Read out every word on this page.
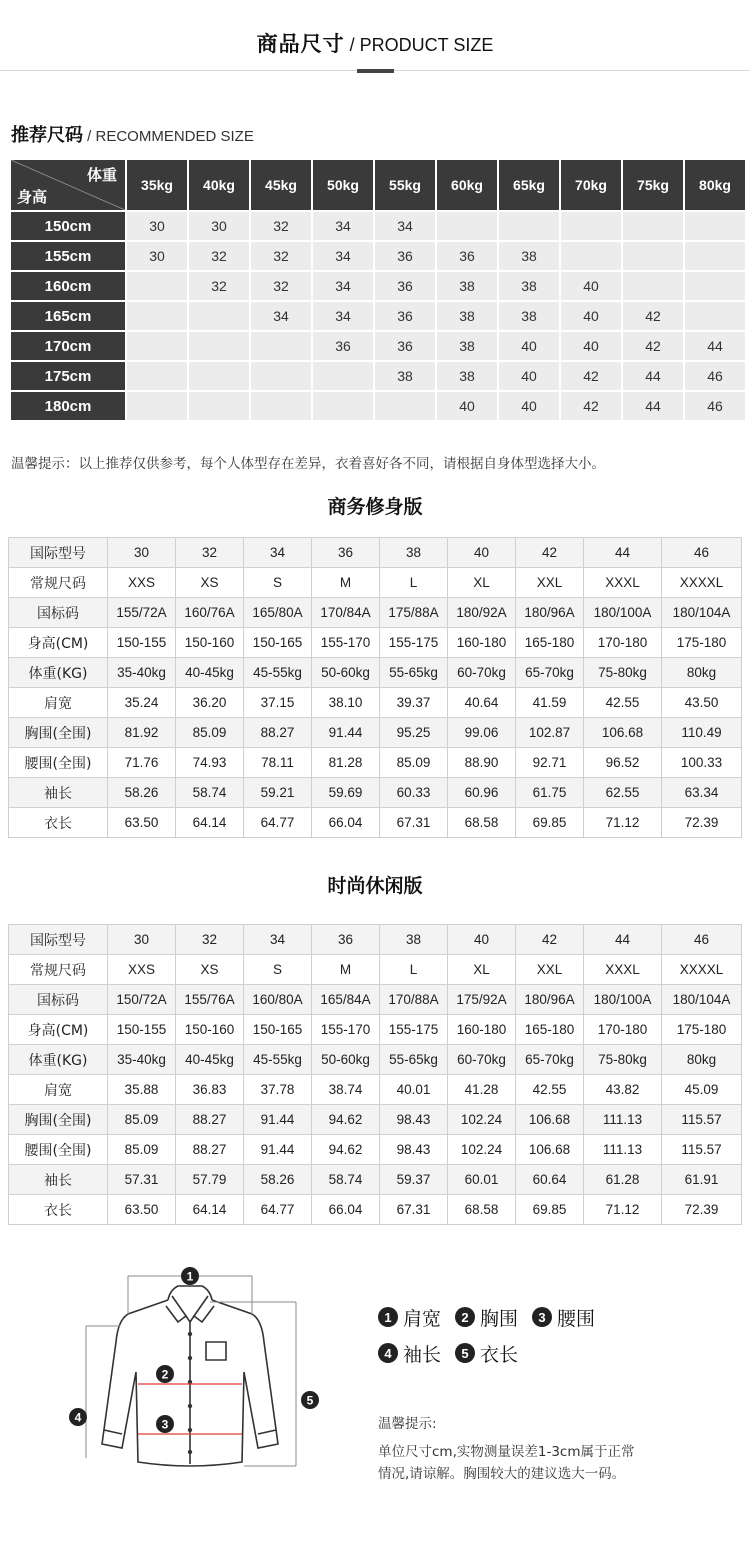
商品尺寸 / PRODUCT SIZE
推荐尺码 / RECOMMENDED SIZE
体重
身高	35kg	40kg	45kg	50kg	55kg	60kg	65kg	70kg	75kg	80kg
150cm	30	30	32	34	34					
155cm	30	32	32	34	36	36	38			
160cm		32	32	34	36	38	38	40		
165cm			34	34	36	38	38	40	42	
170cm				36	36	38	40	40	42	44
175cm					38	38	40	42	44	46
180cm						40	40	42	44	46
温馨提示：以上推荐仅供参考，每个人体型存在差异，衣着喜好各不同，请根据自身体型选择大小。
商务修身版
国际型号	30	32	34	36	38	40	42	44	46
常规尺码	XXS	XS	S	M	L	XL	XXL	XXXL	XXXXL
国标码	155/72A	160/76A	165/80A	170/84A	175/88A	180/92A	180/96A	180/100A	180/104A
身高(CM)	150-155	150-160	150-165	155-170	155-175	160-180	165-180	170-180	175-180
体重(KG)	35-40kg	40-45kg	45-55kg	50-60kg	55-65kg	60-70kg	65-70kg	75-80kg	80kg
肩宽	35.24	36.20	37.15	38.10	39.37	40.64	41.59	42.55	43.50
胸围(全围)	81.92	85.09	88.27	91.44	95.25	99.06	102.87	106.68	110.49
腰围(全围)	71.76	74.93	78.11	81.28	85.09	88.90	92.71	96.52	100.33
袖长	58.26	58.74	59.21	59.69	60.33	60.96	61.75	62.55	63.34
衣长	63.50	64.14	64.77	66.04	67.31	68.58	69.85	71.12	72.39
时尚休闲版
国际型号	30	32	34	36	38	40	42	44	46
常规尺码	XXS	XS	S	M	L	XL	XXL	XXXL	XXXXL
国标码	150/72A	155/76A	160/80A	165/84A	170/88A	175/92A	180/96A	180/100A	180/104A
身高(CM)	150-155	150-160	150-165	155-170	155-175	160-180	165-180	170-180	175-180
体重(KG)	35-40kg	40-45kg	45-55kg	50-60kg	55-65kg	60-70kg	65-70kg	75-80kg	80kg
肩宽	35.88	36.83	37.78	38.74	40.01	41.28	42.55	43.82	45.09
胸围(全围)	85.09	88.27	91.44	94.62	98.43	102.24	106.68	111.13	115.57
腰围(全围)	85.09	88.27	91.44	94.62	98.43	102.24	106.68	111.13	115.57
袖长	57.31	57.79	58.26	58.74	59.37	60.01	60.64	61.28	61.91
衣长	63.50	64.14	64.77	66.04	67.31	68.58	69.85	71.12	72.39
1
2
3
4
5
1 肩宽	2 胸围	3 腰围
4 袖长	5 衣长
温馨提示:
单位尺寸cm,实物测量误差1-3cm属于正常
情况,请谅解。胸围较大的建议选大一码。
